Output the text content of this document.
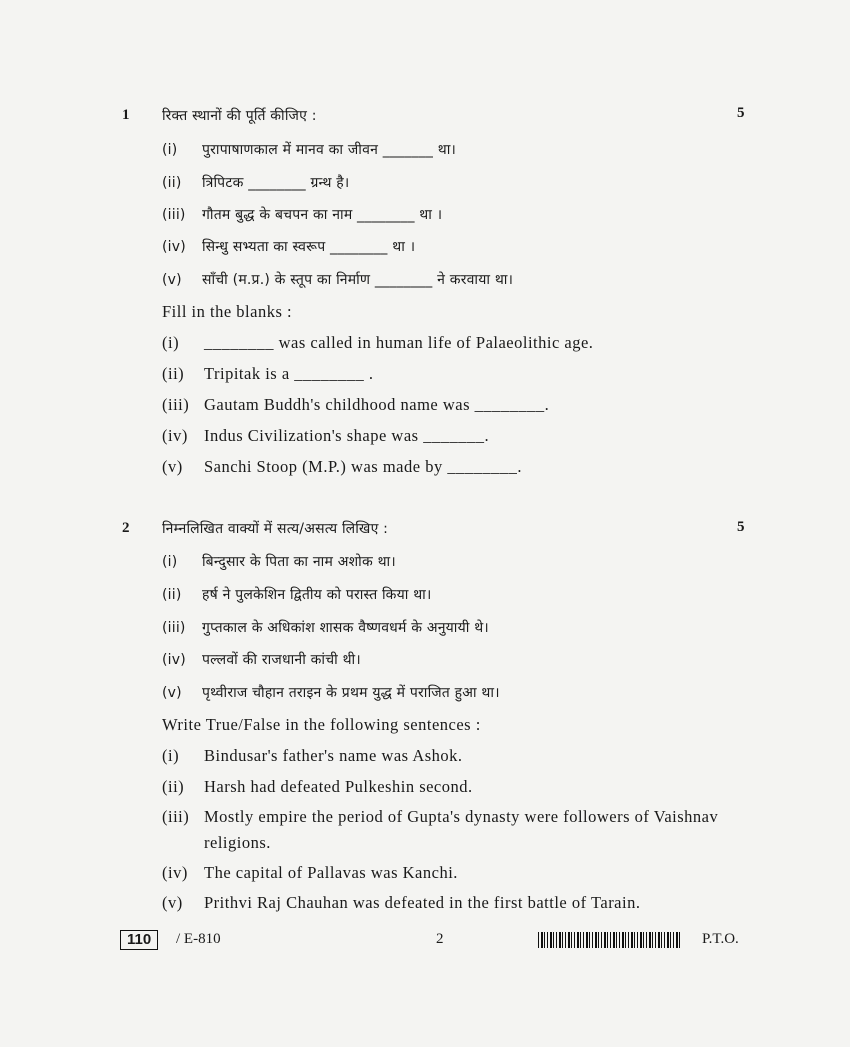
1	5
रिक्त स्थानों की पूर्ति कीजिए :
(i) पुरापाषाणकाल में मानव का जीवन _______ था।
(ii) त्रिपिटक ________ ग्रन्थ है।
(iii) गौतम बुद्ध के बचपन का नाम ________ था ।
(iv) सिन्धु सभ्यता का स्वरूप ________ था ।
(v) साँची (म.प्र.) के स्तूप का निर्माण ________ ने करवाया था।
Fill in the blanks :
(i) ________ was called in human life of Palaeolithic age.
(ii) Tripitak is a ________ .
(iii) Gautam Buddh's childhood name was ________.
(iv) Indus Civilization's shape was _______.
(v) Sanchi Stoop (M.P.) was made by ________.
2	5
निम्नलिखित वाक्यों में सत्य/असत्य लिखिए :
(i) बिन्दुसार के पिता का नाम अशोक था।
(ii) हर्ष ने पुलकेशिन द्वितीय को परास्त किया था।
(iii) गुप्तकाल के अधिकांश शासक वैष्णवधर्म के अनुयायी थे।
(iv) पल्लवों की राजधानी कांची थी।
(v) पृथ्वीराज चौहान तराइन के प्रथम युद्ध में पराजित हुआ था।
Write True/False in the following sentences :
(i) Bindusar's father's name was Ashok.
(ii) Harsh had defeated Pulkeshin second.
(iii) Mostly empire the period of Gupta's dynasty were followers of Vaishnav
religions.
(iv) The capital of Pallavas was Kanchi.
(v) Prithvi Raj Chauhan was defeated in the first battle of Tarain.
110	/ E-810	2	P.T.O.
